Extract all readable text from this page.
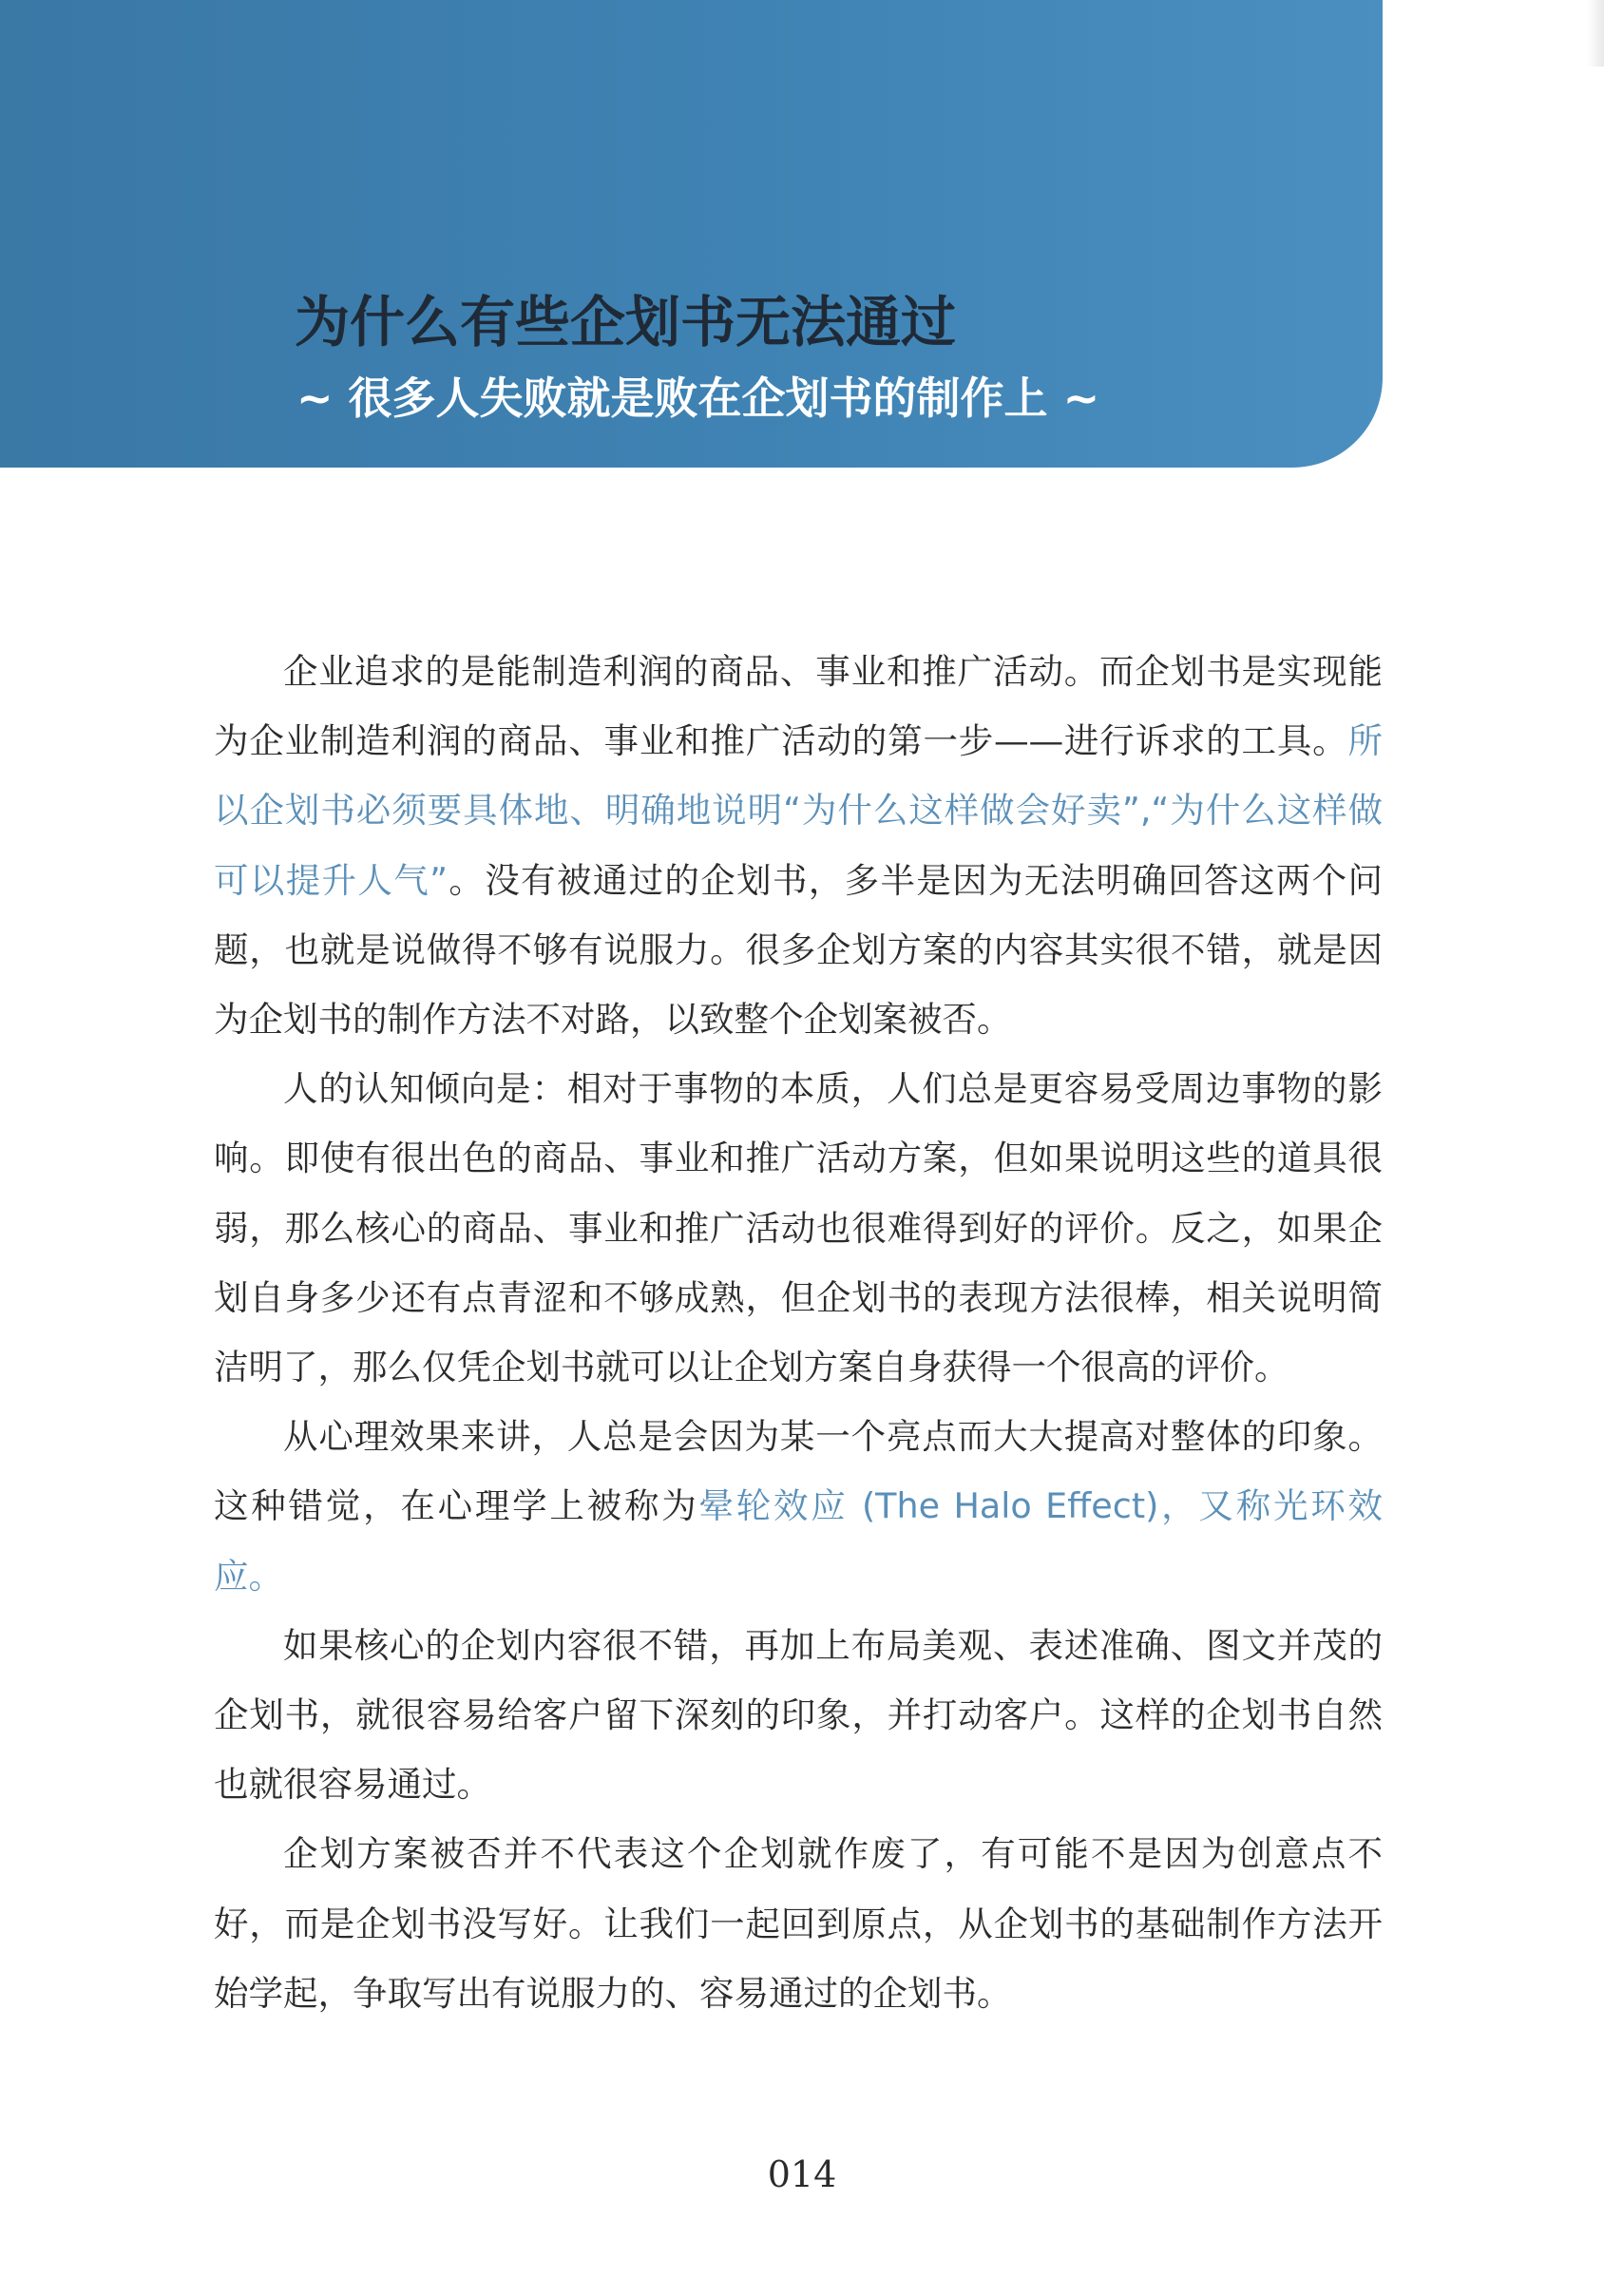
为什么有些企划书无法通过
~ 很多人失败就是败在企划书的制作上 ~

企业追求的是能制造利润的商品、事业和推广活动。而企划书是实现能为企业制造利润的商品、事业和推广活动的第一步——进行诉求的工具。所以企划书必须要具体地、明确地说明“为什么这样做会好卖”,“为什么这样做可以提升人气”。没有被通过的企划书，多半是因为无法明确回答这两个问题，也就是说做得不够有说服力。很多企划方案的内容其实很不错，就是因为企划书的制作方法不对路，以致整个企划案被否。

人的认知倾向是：相对于事物的本质，人们总是更容易受周边事物的影响。即使有很出色的商品、事业和推广活动方案，但如果说明这些的道具很弱，那么核心的商品、事业和推广活动也很难得到好的评价。反之，如果企划自身多少还有点青涩和不够成熟，但企划书的表现方法很棒，相关说明简洁明了，那么仅凭企划书就可以让企划方案自身获得一个很高的评价。

从心理效果来讲，人总是会因为某一个亮点而大大提高对整体的印象。这种错觉，在心理学上被称为晕轮效应 (The Halo Effect)，又称光环效应。

如果核心的企划内容很不错，再加上布局美观、表述准确、图文并茂的企划书，就很容易给客户留下深刻的印象，并打动客户。这样的企划书自然也就很容易通过。

企划方案被否并不代表这个企划就作废了，有可能不是因为创意点不好，而是企划书没写好。让我们一起回到原点，从企划书的基础制作方法开始学起，争取写出有说服力的、容易通过的企划书。

014
